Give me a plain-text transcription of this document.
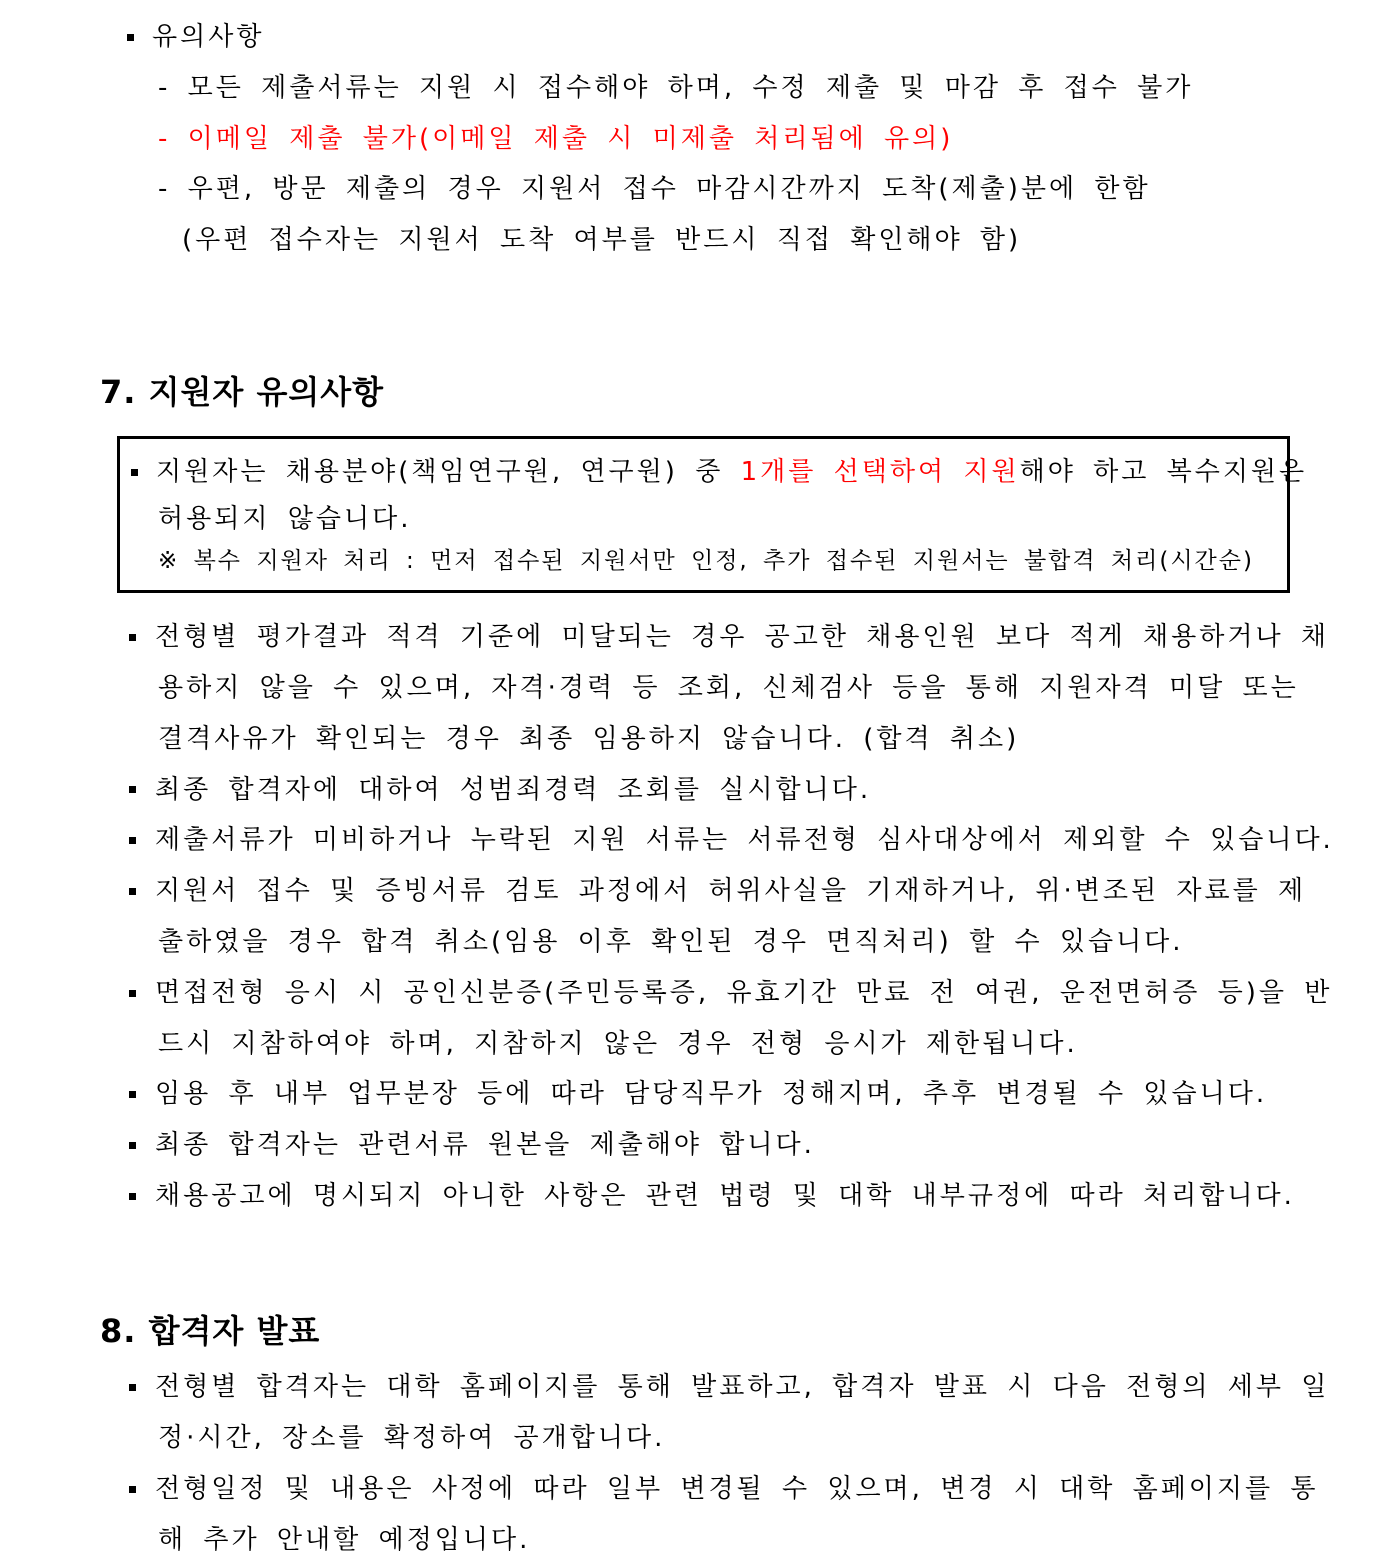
유의사항
- 모든 제출서류는 지원 시 접수해야 하며, 수정 제출 및 마감 후 접수 불가
- 이메일 제출 불가(이메일 제출 시 미제출 처리됨에 유의)
- 우편, 방문 제출의 경우 지원서 접수 마감시간까지 도착(제출)분에 한함
(우편 접수자는 지원서 도착 여부를 반드시 직접 확인해야 함)
7. 지원자 유의사항
지원자는 채용분야(책임연구원, 연구원) 중 1개를 선택하여 지원해야 하고 복수지원은
허용되지 않습니다.
※ 복수 지원자 처리 : 먼저 접수된 지원서만 인정, 추가 접수된 지원서는 불합격 처리(시간순)
전형별 평가결과 적격 기준에 미달되는 경우 공고한 채용인원 보다 적게 채용하거나 채
용하지 않을 수 있으며, 자격·경력 등 조회, 신체검사 등을 통해 지원자격 미달 또는
결격사유가 확인되는 경우 최종 임용하지 않습니다. (합격 취소)
최종 합격자에 대하여 성범죄경력 조회를 실시합니다.
제출서류가 미비하거나 누락된 지원 서류는 서류전형 심사대상에서 제외할 수 있습니다.
지원서 접수 및 증빙서류 검토 과정에서 허위사실을 기재하거나, 위·변조된 자료를 제
출하였을 경우 합격 취소(임용 이후 확인된 경우 면직처리) 할 수 있습니다.
면접전형 응시 시 공인신분증(주민등록증, 유효기간 만료 전 여권, 운전면허증 등)을 반
드시 지참하여야 하며, 지참하지 않은 경우 전형 응시가 제한됩니다.
임용 후 내부 업무분장 등에 따라 담당직무가 정해지며, 추후 변경될 수 있습니다.
최종 합격자는 관련서류 원본을 제출해야 합니다.
채용공고에 명시되지 아니한 사항은 관련 법령 및 대학 내부규정에 따라 처리합니다.
8. 합격자 발표
전형별 합격자는 대학 홈페이지를 통해 발표하고, 합격자 발표 시 다음 전형의 세부 일
정·시간, 장소를 확정하여 공개합니다.
전형일정 및 내용은 사정에 따라 일부 변경될 수 있으며, 변경 시 대학 홈페이지를 통
해 추가 안내할 예정입니다.
